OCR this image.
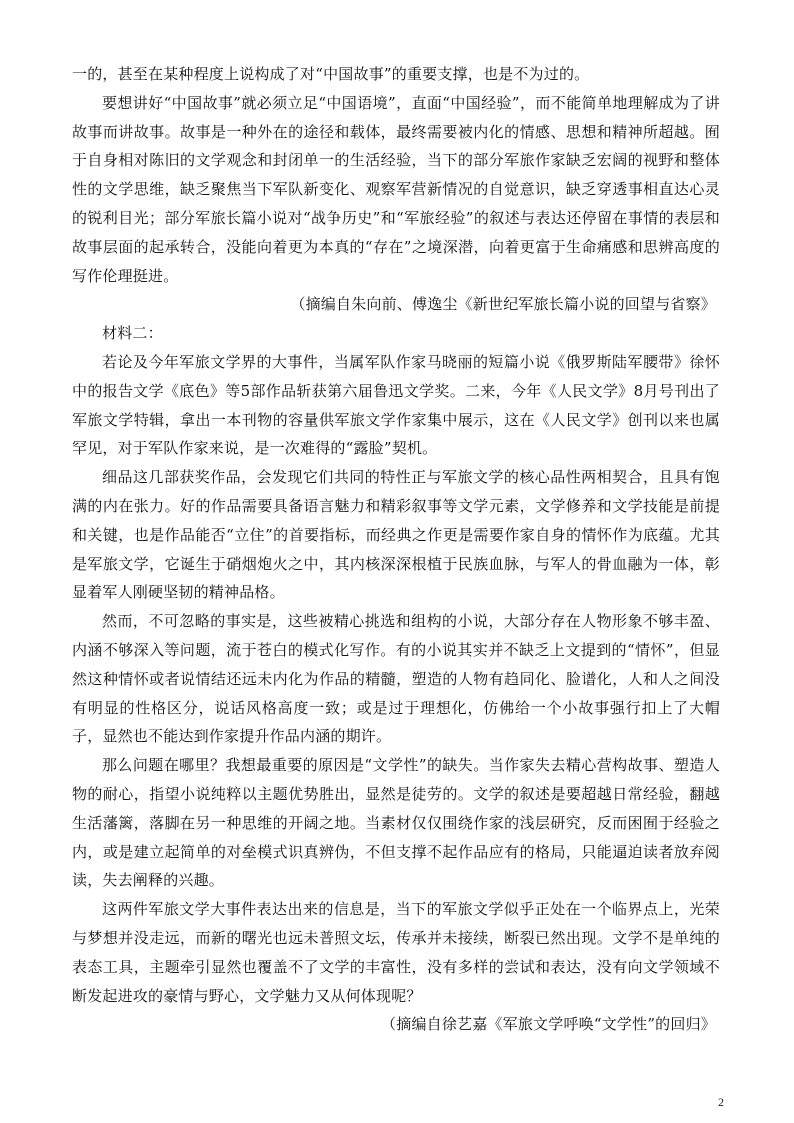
一的，甚至在某种程度上说构成了对“中国故事”的重要支撑，也是不为过的。

要想讲好“中国故事”就必须立足“中国语境”，直面“中国经验”，而不能简单地理解成为了讲故事而讲故事。故事是一种外在的途径和载体，最终需要被内化的情感、思想和精神所超越。囿于自身相对陈旧的文学观念和封闭单一的生活经验，当下的部分军旅作家缺乏宏阔的视野和整体性的文学思维，缺乏聚焦当下军队新变化、观察军营新情况的自觉意识，缺乏穿透事相直达心灵的锐利目光；部分军旅长篇小说对“战争历史”和“军旅经验”的叙述与表达还停留在事情的表层和故事层面的起承转合，没能向着更为本真的“存在”之境深潜，向着更富于生命痛感和思辨高度的写作伦理挺进。

（摘编自朱向前、傅逸尘《新世纪军旅长篇小说的回望与省察》

材料二：

若论及今年军旅文学界的大事件，当属军队作家马晓丽的短篇小说《俄罗斯陆军腰带》徐怀中的报告文学《底色》等5部作品斩获第六届鲁迅文学奖。二来，今年《人民文学》8月号刊出了军旅文学特辑，拿出一本刊物的容量供军旅文学作家集中展示，这在《人民文学》创刊以来也属罕见，对于军队作家来说，是一次难得的“露脸”契机。

细品这几部获奖作品，会发现它们共同的特性正与军旅文学的核心品性两相契合，且具有饱满的内在张力。好的作品需要具备语言魅力和精彩叙事等文学元素，文学修养和文学技能是前提和关键，也是作品能否“立住”的首要指标，而经典之作更是需要作家自身的情怀作为底蕴。尤其是军旅文学，它诞生于硝烟炮火之中，其内核深深根植于民族血脉，与军人的骨血融为一体，彰显着军人刚硬坚韧的精神品格。

然而，不可忽略的事实是，这些被精心挑选和组构的小说，大部分存在人物形象不够丰盈、内涵不够深入等问题，流于苍白的模式化写作。有的小说其实并不缺乏上文提到的“情怀”，但显然这种情怀或者说情结还远未内化为作品的精髓，塑造的人物有趋同化、脸谱化，人和人之间没有明显的性格区分，说话风格高度一致；或是过于理想化，仿佛给一个小故事强行扣上了大帽子，显然也不能达到作家提升作品内涵的期许。

那么问题在哪里？我想最重要的原因是“文学性”的缺失。当作家失去精心营构故事、塑造人物的耐心，指望小说纯粹以主题优势胜出，显然是徒劳的。文学的叙述是要超越日常经验，翻越生活藩篱，落脚在另一种思维的开阔之地。当素材仅仅围绕作家的浅层研究，反而困囿于经验之内，或是建立起简单的对垒模式识真辨伪，不但支撑不起作品应有的格局，只能逼迫读者放弃阅读，失去阐释的兴趣。

这两件军旅文学大事件表达出来的信息是，当下的军旅文学似乎正处在一个临界点上，光荣与梦想并没走远，而新的曙光也远未普照文坛，传承并未接续，断裂已然出现。文学不是单纯的表态工具，主题牵引显然也覆盖不了文学的丰富性，没有多样的尝试和表达，没有向文学领域不断发起进攻的豪情与野心，文学魅力又从何体现呢？

（摘编自徐艺嘉《军旅文学呼唤“文学性”的回归》

2
